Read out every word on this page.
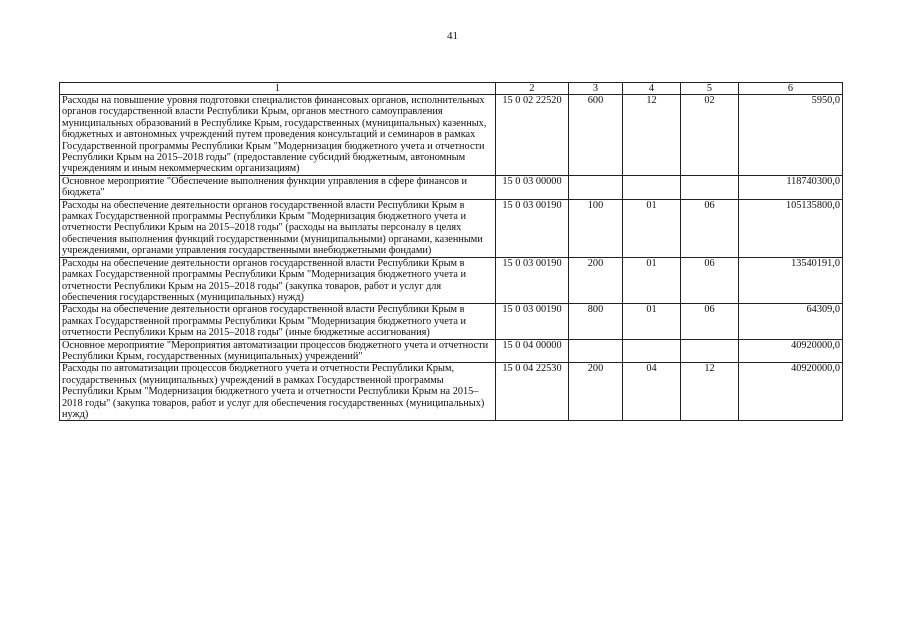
41
1	2	3	4	5	6
Расходы на повышение уровня подготовки специалистов финансовых органов, исполнительных органов государственной власти Республики Крым, органов местного самоуправления муниципальных образований в Республике Крым, государственных (муниципальных) казенных, бюджетных и автономных учреждений путем проведения консультаций и семинаров в рамках Государственной программы Республики Крым "Модернизация бюджетного учета и отчетности Республики Крым на 2015–2018 годы" (предоставление субсидий бюджетным, автономным учреждениям и иным некоммерческим организациям)	15 0 02 22520	600	12	02	5950,0
Основное мероприятие "Обеспечение выполнения функции управления в сфере финансов и бюджета"	15 0 03 00000				118740300,0
Расходы на обеспечение деятельности органов государственной власти Республики Крым в рамках Государственной программы Республики Крым "Модернизация бюджетного учета и отчетности Республики Крым на 2015–2018 годы" (расходы на выплаты персоналу в целях обеспечения выполнения функций государственными (муниципальными) органами, казенными учреждениями, органами управления государственными внебюджетными фондами)	15 0 03 00190	100	01	06	105135800,0
Расходы на обеспечение деятельности органов государственной власти Республики Крым в рамках Государственной программы Республики Крым "Модернизация бюджетного учета и отчетности Республики Крым на 2015–2018 годы" (закупка товаров, работ и услуг для обеспечения государственных (муниципальных) нужд)	15 0 03 00190	200	01	06	13540191,0
Расходы на обеспечение деятельности органов государственной власти Республики Крым в рамках Государственной программы Республики Крым "Модернизация бюджетного учета и отчетности Республики Крым на 2015–2018 годы" (иные бюджетные ассигнования)	15 0 03 00190	800	01	06	64309,0
Основное мероприятие "Мероприятия автоматизации процессов бюджетного учета и отчетности Республики Крым, государственных (муниципальных) учреждений"	15 0 04 00000				40920000,0
Расходы по автоматизации процессов бюджетного учета и отчетности Республики Крым, государственных (муниципальных) учреждений в рамках Государственной программы Республики Крым "Модернизация бюджетного учета и отчетности Республики Крым на 2015–2018 годы" (закупка товаров, работ и услуг для обеспечения государственных (муниципальных) нужд)	15 0 04 22530	200	04	12	40920000,0
